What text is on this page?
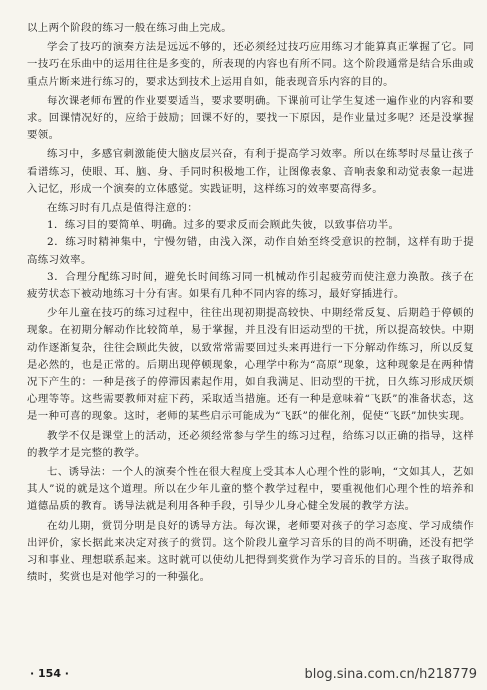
以上两个阶段的练习一般在练习曲上完成。

学会了技巧的演奏方法是远远不够的，还必须经过技巧应用练习才能算真正掌握了它。同一技巧在乐曲中的运用往往是多变的，所表现的内容也有所不同。这个阶段通常是结合乐曲或重点片断来进行练习的，要求达到技术上运用自如，能表现音乐内容的目的。

每次课老师布置的作业要要适当，要求要明确。下课前可让学生复述一遍作业的内容和要求。回课情况好的，应给于鼓励；回课不好的，要找一下原因，是作业量过多呢？还是没掌握要领。

练习中，多感官刺激能使大脑皮层兴奋，有利于提高学习效率。所以在练琴时尽量让孩子看谱练习，使眼、耳、脑、身、手同时积极地工作，让图像表象、音响表象和动觉表象一起进入记忆，形成一个演奏的立体感觉。实践证明，这样练习的效率要高得多。

在练习时有几点是值得注意的：

1．练习目的要简单、明确。过多的要求反而会顾此失彼，以致事倍功半。

2．练习时精神集中，宁慢勿错，由浅入深，动作自始至终受意识的控制，这样有助于提高练习效率。

3．合理分配练习时间，避免长时间练习同一机械动作引起疲劳而使注意力涣散。孩子在疲劳状态下被动地练习十分有害。如果有几种不同内容的练习，最好穿插进行。

少年儿童在技巧的练习过程中，往往出现初期提高较快、中期经常反复、后期趋于停顿的现象。在初期分解动作比较简单，易于掌握，并且没有旧运动型的干扰，所以提高较快。中期动作逐渐复杂，往往会顾此失彼，以致常常需要回过头来再进行一下分解动作练习，所以反复是必然的，也是正常的。后期出现停顿现象，心理学中称为“高原”现象，这种现象是在两种情况下产生的：一种是孩子的停滞因素起作用，如自我满足、旧动型的干扰，日久练习形成厌烦心理等等。这些需要教师对症下药，采取适当措施。还有一种是意味着“飞跃”的准备状态，这是一种可喜的现象。这时，老师的某些启示可能成为“飞跃”的催化剂，促使“飞跃”加快实现。

教学不仅是课堂上的活动，还必须经常参与学生的练习过程，给练习以正确的指导，这样的教学才是完整的教学。

七、诱导法：一个人的演奏个性在很大程度上受其本人心理个性的影响，“文如其人，艺如其人”说的就是这个道理。所以在少年儿童的整个教学过程中，要重视他们心理个性的培养和道德品质的教育。诱导法就是利用各种手段，引导少儿身心健全发展的教学方法。

在幼儿期，赏罚分明是良好的诱导方法。每次课，老师要对孩子的学习态度、学习成绩作出评价，家长据此来决定对孩子的赏罚。这个阶段儿童学习音乐的目的尚不明确，还没有把学习和事业、理想联系起来。这时就可以使幼儿把得到奖赏作为学习音乐的目的。当孩子取得成绩时，奖赏也是对他学习的一种强化。

· 154 ·	blog.sina.com.cn/h218779
